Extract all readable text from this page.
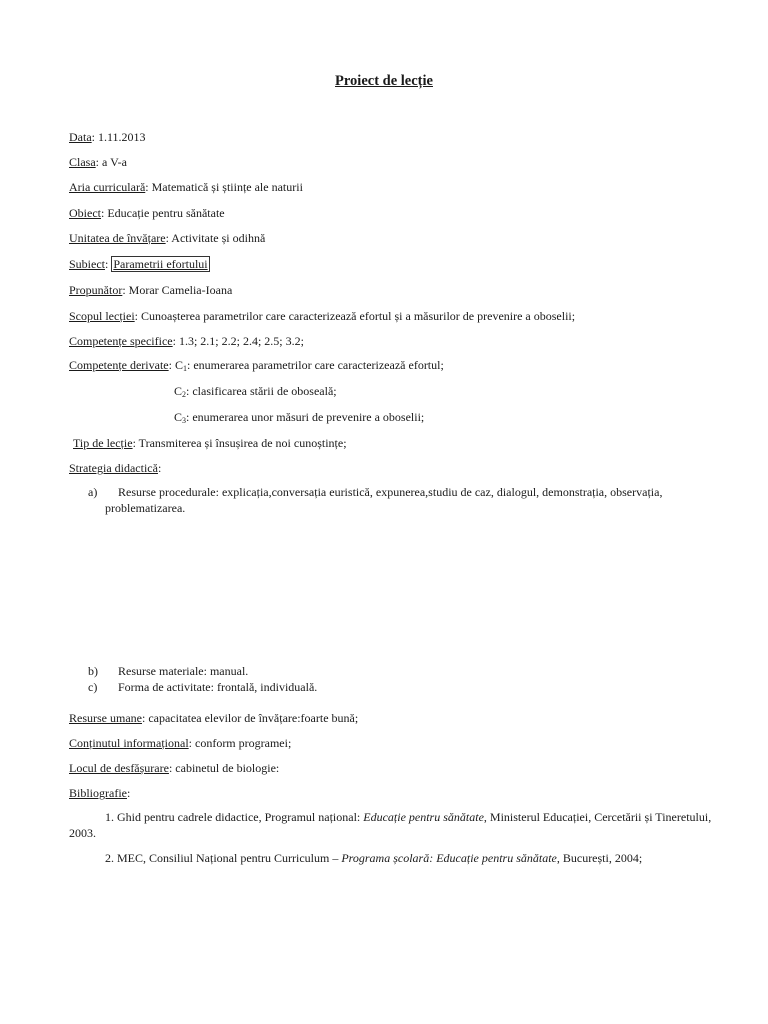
Proiect de lecție
Data: 1.11.2013
Clasa: a V-a
Aria curriculară: Matematică și științe ale naturii
Obiect: Educație pentru sănătate
Unitatea de învățare: Activitate și odihnă
Subiect: Parametrii efortului
Propunător: Morar Camelia-Ioana
Scopul lecției: Cunoașterea parametrilor care caracterizează efortul și a măsurilor de prevenire a oboselii;
Competențe specifice: 1.3; 2.1; 2.2; 2.4; 2.5; 3.2;
Competențe derivate: $C_1$: enumerarea parametrilor care caracterizează efortul;
$C_2$: clasificarea stării de oboseală;
$C_3$: enumerarea unor măsuri de prevenire a oboselii;
Tip de lecție: Transmiterea și însușirea de noi cunoștințe;
Strategia didactică:
a) Resurse procedurale: explicația,conversația euristică, expunerea,studiu de caz, dialogul, demonstrația, observația,
problematizarea.
b) Resurse materiale: manual.
c) Forma de activitate: frontală, individuală.
Resurse umane: capacitatea elevilor de învățare:foarte bună;
Conținutul informațional: conform programei;
Locul de desfășurare: cabinetul de biologie:
Bibliografie:
1. Ghid pentru cadrele didactice, Programul național: Educație pentru sănătate, Ministerul Educației, Cercetării și Tineretului,
2003.
2. MEC, Consiliul Național pentru Curriculum – Programa școlară: Educație pentru sănătate, București, 2004;
